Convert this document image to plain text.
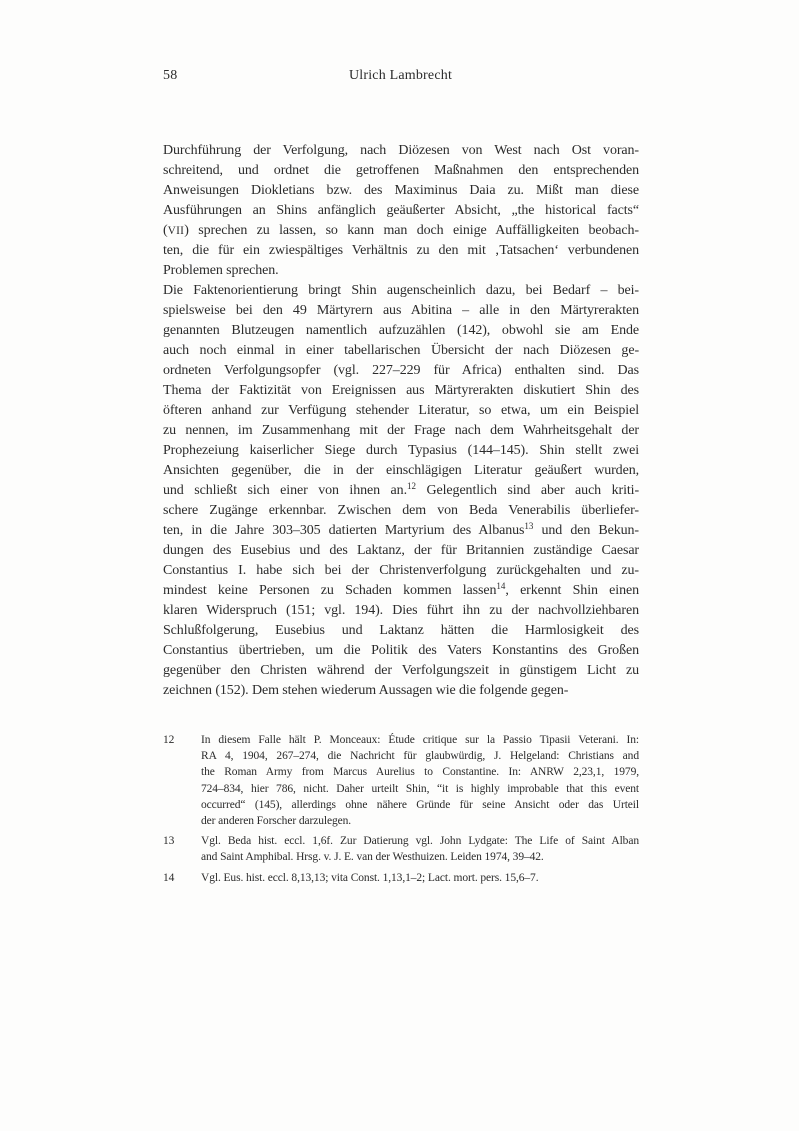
58	Ulrich Lambrecht

Durchführung der Verfolgung, nach Diözesen von West nach Ost voran-
schreitend, und ordnet die getroffenen Maßnahmen den entsprechenden
Anweisungen Diokletians bzw. des Maximinus Daia zu. Mißt man diese
Ausführungen an Shins anfänglich geäußerter Absicht, „the historical facts“
(VII) sprechen zu lassen, so kann man doch einige Auffälligkeiten beobach-
ten, die für ein zwiespältiges Verhältnis zu den mit ‚Tatsachen‘ verbundenen
Problemen sprechen.

Die Faktenorientierung bringt Shin augenscheinlich dazu, bei Bedarf – bei-
spielsweise bei den 49 Märtyrern aus Abitina – alle in den Märtyrerakten
genannten Blutzeugen namentlich aufzuzählen (142), obwohl sie am Ende
auch noch einmal in einer tabellarischen Übersicht der nach Diözesen ge-
ordneten Verfolgungsopfer (vgl. 227–229 für Africa) enthalten sind. Das
Thema der Faktizität von Ereignissen aus Märtyrerakten diskutiert Shin des
öfteren anhand zur Verfügung stehender Literatur, so etwa, um ein Beispiel
zu nennen, im Zusammenhang mit der Frage nach dem Wahrheitsgehalt der
Prophezeiung kaiserlicher Siege durch Typasius (144–145). Shin stellt zwei
Ansichten gegenüber, die in der einschlägigen Literatur geäußert wurden,
und schließt sich einer von ihnen an.$^{12}$ Gelegentlich sind aber auch kriti-
schere Zugänge erkennbar. Zwischen dem von Beda Venerabilis überliefer-
ten, in die Jahre 303–305 datierten Martyrium des Albanus$^{13}$ und den Bekun-
dungen des Eusebius und des Laktanz, der für Britannien zuständige Caesar
Constantius I. habe sich bei der Christenverfolgung zurückgehalten und zu-
mindest keine Personen zu Schaden kommen lassen$^{14}$, erkennt Shin einen
klaren Widerspruch (151; vgl. 194). Dies führt ihn zu der nachvollziehbaren
Schlußfolgerung, Eusebius und Laktanz hätten die Harmlosigkeit des
Constantius übertrieben, um die Politik des Vaters Konstantins des Großen
gegenüber den Christen während der Verfolgungszeit in günstigem Licht zu
zeichnen (152). Dem stehen wiederum Aussagen wie die folgende gegen-

12	In diesem Falle hält P. Monceaux: Étude critique sur la Passio Tipasii Veterani. In:
RA 4, 1904, 267–274, die Nachricht für glaubwürdig, J. Helgeland: Christians and
the Roman Army from Marcus Aurelius to Constantine. In: ANRW 2,23,1, 1979,
724–834, hier 786, nicht. Daher urteilt Shin, “it is highly improbable that this event
occurred“ (145), allerdings ohne nähere Gründe für seine Ansicht oder das Urteil
der anderen Forscher darzulegen.
13	Vgl. Beda hist. eccl. 1,6f. Zur Datierung vgl. John Lydgate: The Life of Saint Alban
and Saint Amphibal. Hrsg. v. J. E. van der Westhuizen. Leiden 1974, 39–42.
14	Vgl. Eus. hist. eccl. 8,13,13; vita Const. 1,13,1–2; Lact. mort. pers. 15,6–7.
